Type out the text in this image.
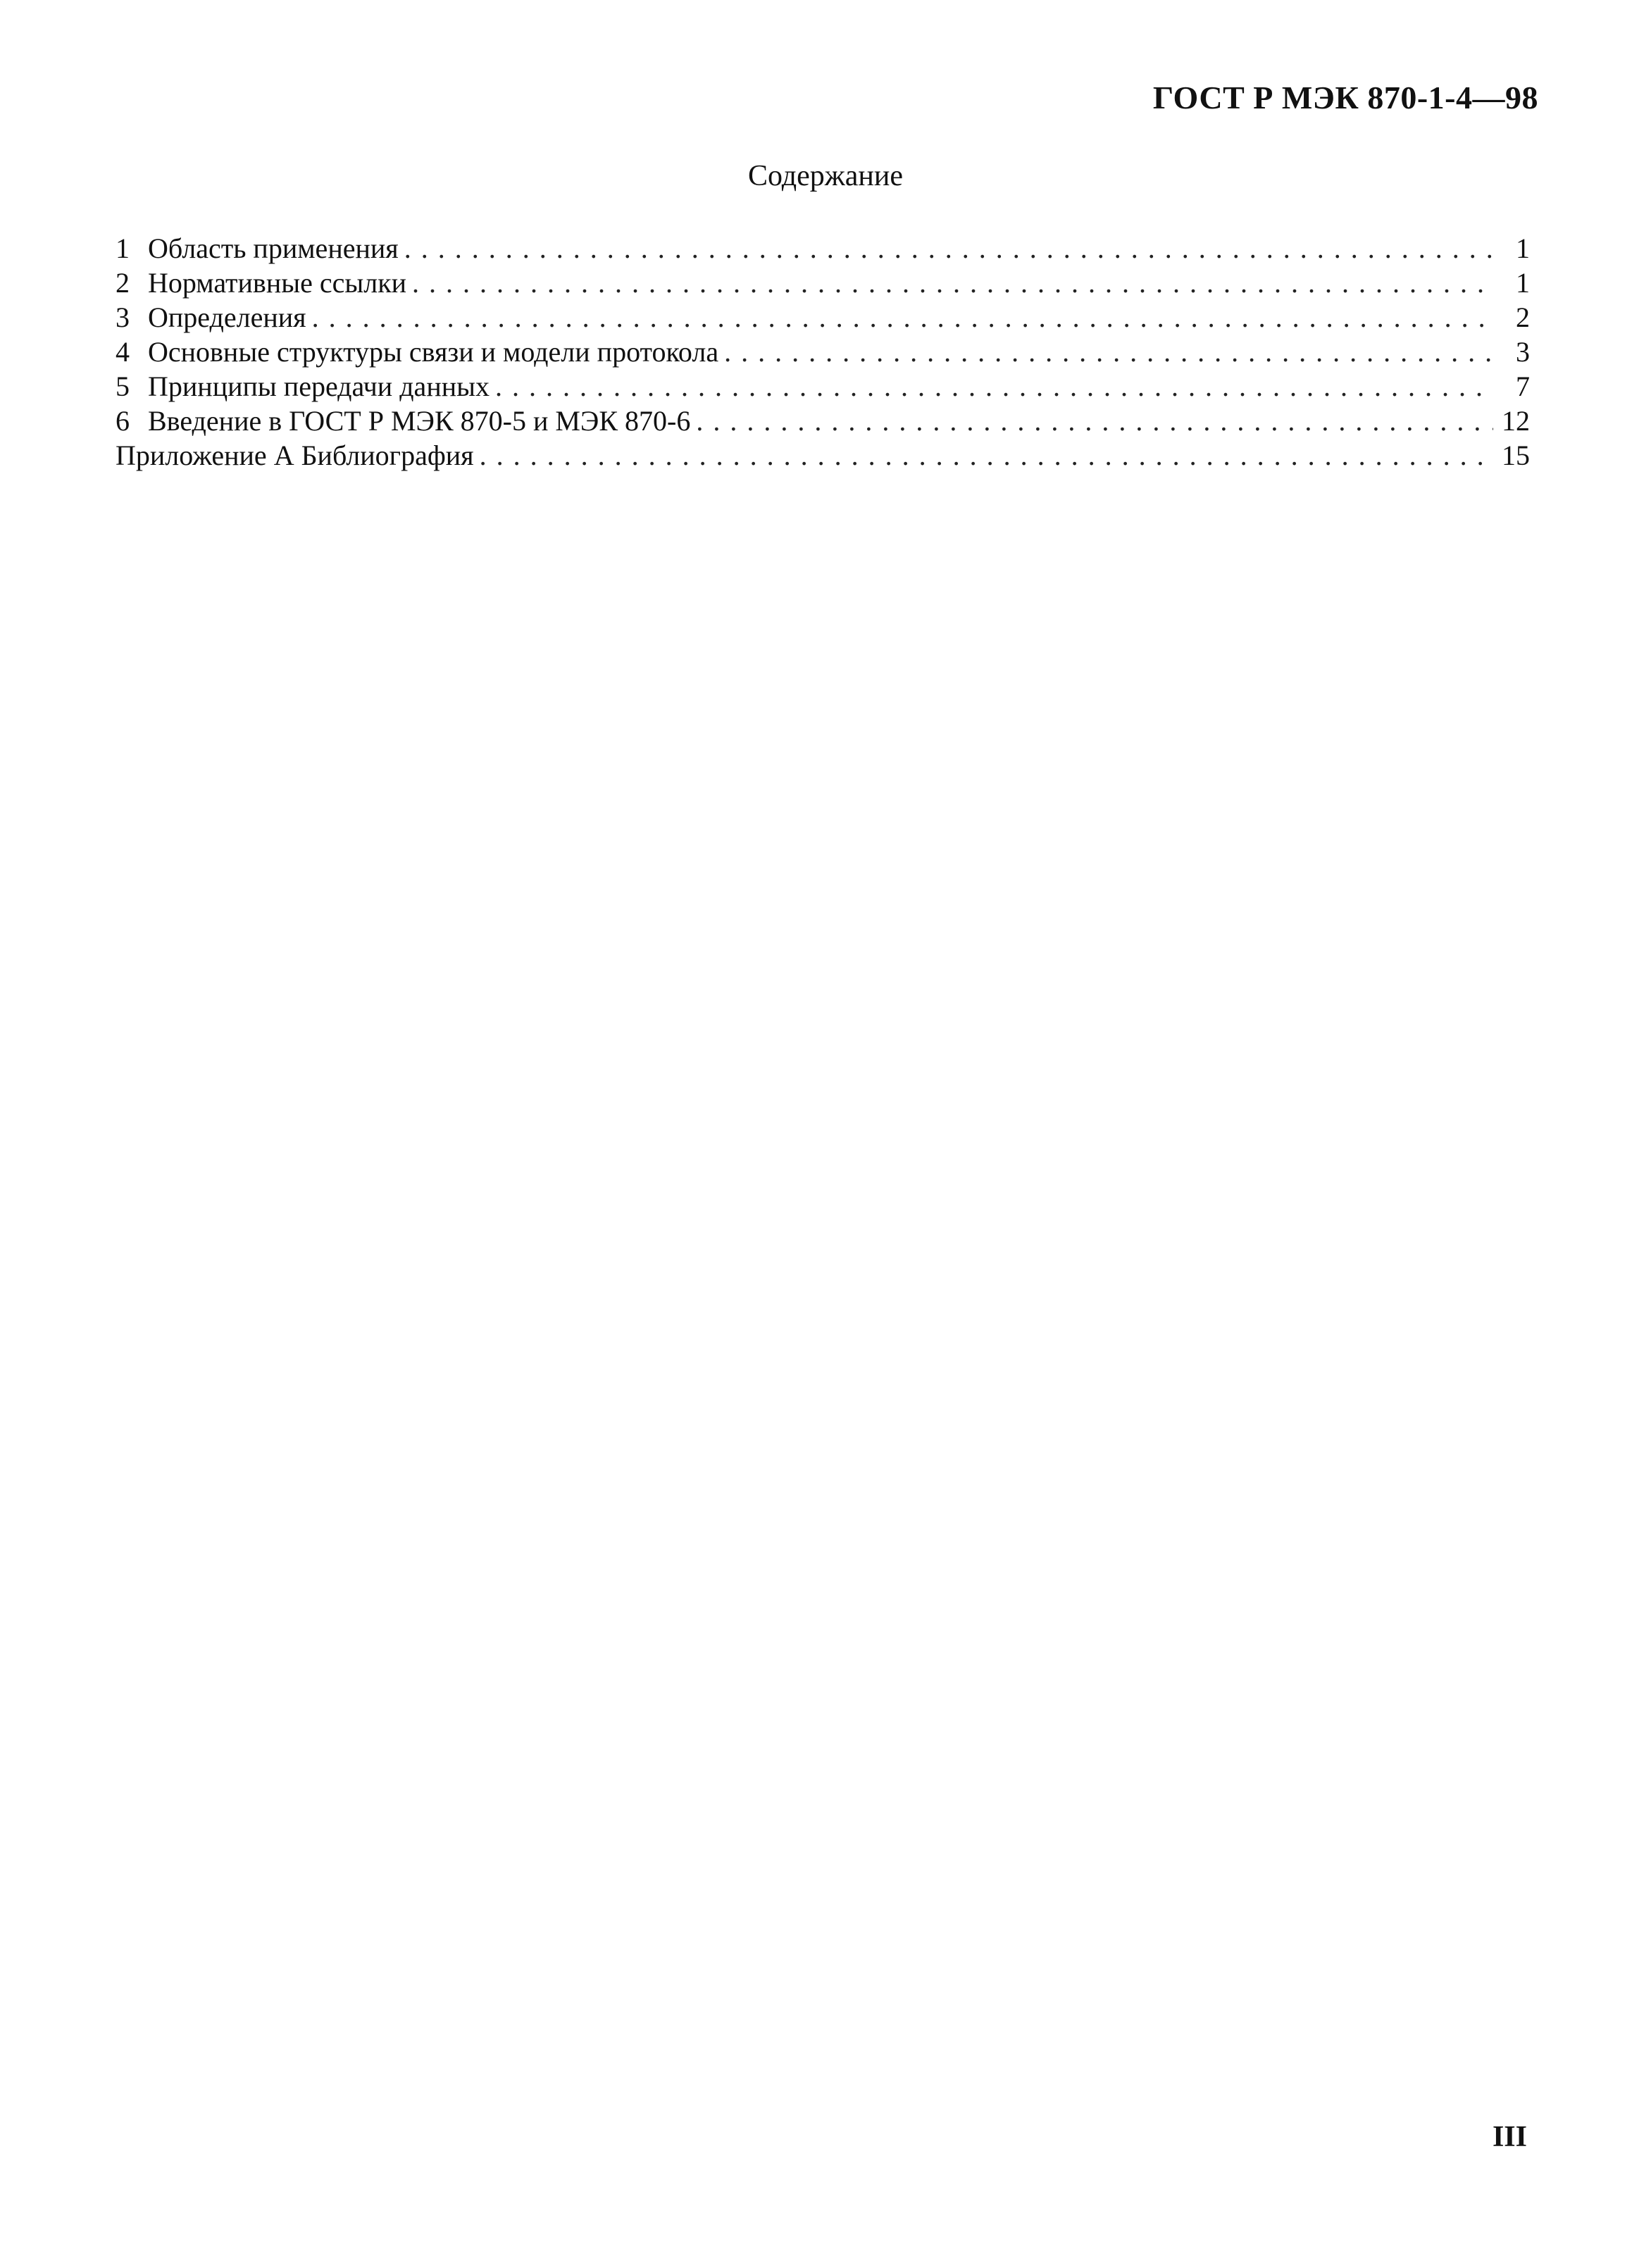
ГОСТ Р МЭК 870-1-4—98
Содержание
1 Область применения . . .	1
2 Нормативные ссылки . . .	1
3 Определения . . .	2
4 Основные структуры связи и модели протокола . . .	3
5 Принципы передачи данных . . .	7
6 Введение в ГОСТ Р МЭК 870-5 и МЭК 870-6 . . .	12
Приложение А Библиография . . .	15
III
